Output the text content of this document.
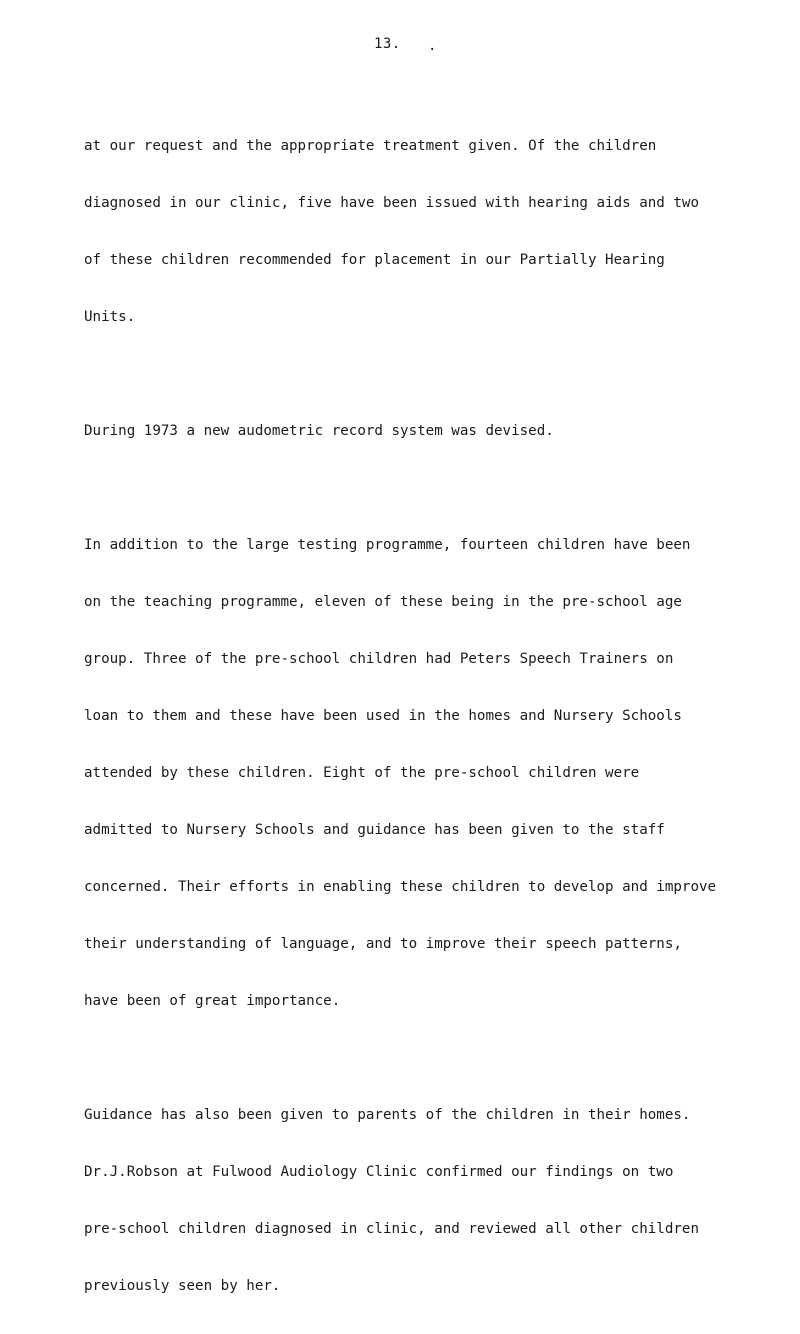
13. .

at our request and the appropriate treatment given. Of the children

diagnosed in our clinic, five have been issued with hearing aids and two

of these children recommended for placement in our Partially Hearing

Units.

During 1973 a new audometric record system was devised.

In addition to the large testing programme, fourteen children have been

on the teaching programme, eleven of these being in the pre-school age

group. Three of the pre-school children had Peters Speech Trainers on

loan to them and these have been used in the homes and Nursery Schools

attended by these children. Eight of the pre-school children were

admitted to Nursery Schools and guidance has been given to the staff

concerned. Their efforts in enabling these children to develop and improve

their understanding of language, and to improve their speech patterns,

have been of great importance.

Guidance has also been given to parents of the children in their homes.

Dr.J.Robson at Fulwood Audiology Clinic confirmed our findings on two

pre-school children diagnosed in clinic, and reviewed all other children

previously seen by her.
